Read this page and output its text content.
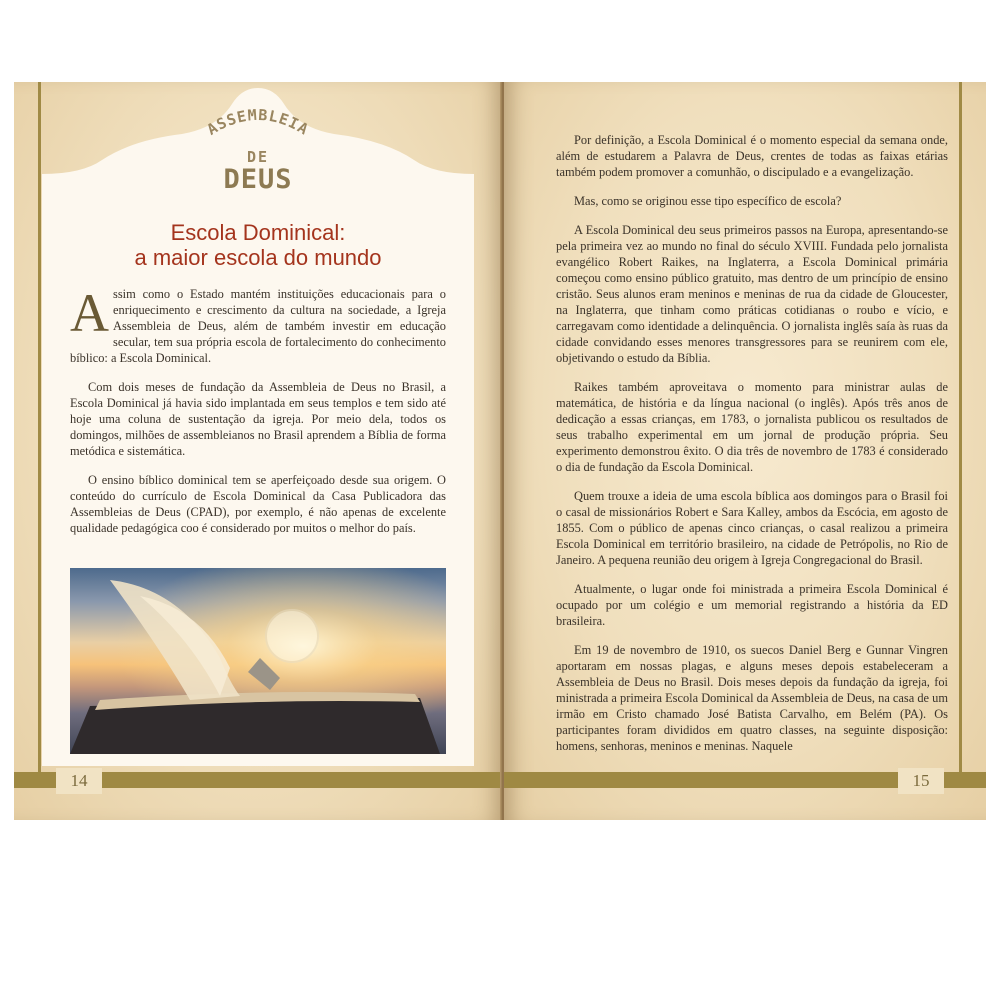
ASSEMBLEIA
DE
DEUS
Escola Dominical:
a maior escola do mundo

Assim como o Estado mantém instituições educacionais para o enriquecimento e crescimento da cultura na sociedade, a Igreja Assembleia de Deus, além de também investir em educação secular, tem sua própria escola de fortalecimento do conhecimento bíblico: a Escola Dominical.

Com dois meses de fundação da Assembleia de Deus no Brasil, a Escola Dominical já havia sido implantada em seus templos e tem sido até hoje uma coluna de sustentação da igreja. Por meio dela, todos os domingos, milhões de assembleianos no Brasil aprendem a Bíblia de forma metódica e sistemática.

O ensino bíblico dominical tem se aperfeiçoado desde sua origem. O conteúdo do currículo de Escola Dominical da Casa Publicadora das Assembleias de Deus (CPAD), por exemplo, é não apenas de excelente qualidade pedagógica coo é considerado por muitos o melhor do país.

14

Por definição, a Escola Dominical é o momento especial da semana onde, além de estudarem a Palavra de Deus, crentes de todas as faixas etárias também podem promover a comunhão, o discipulado e a evangelização.

Mas, como se originou esse tipo específico de escola?

A Escola Dominical deu seus primeiros passos na Europa, apresentando-se pela primeira vez ao mundo no final do século XVIII. Fundada pelo jornalista evangélico Robert Raikes, na Inglaterra, a Escola Dominical primária começou como ensino público gratuito, mas dentro de um princípio de ensino cristão. Seus alunos eram meninos e meninas de rua da cidade de Gloucester, na Inglaterra, que tinham como práticas cotidianas o roubo e vício, e carregavam como identidade a delinquência. O jornalista inglês saía às ruas da cidade convidando esses menores transgressores para se reunirem com ele, objetivando o estudo da Bíblia.

Raikes também aproveitava o momento para ministrar aulas de matemática, de história e da língua nacional (o inglês). Após três anos de dedicação a essas crianças, em 1783, o jornalista publicou os resultados de seus trabalho experimental em um jornal de produção própria. Seu experimento demonstrou êxito. O dia três de novembro de 1783 é considerado o dia de fundação da Escola Dominical.

Quem trouxe a ideia de uma escola bíblica aos domingos para o Brasil foi o casal de missionários Robert e Sara Kalley, ambos da Escócia, em agosto de 1855. Com o público de apenas cinco crianças, o casal realizou a primeira Escola Dominical em território brasileiro, na cidade de Petrópolis, no Rio de Janeiro. A pequena reunião deu origem à Igreja Congregacional do Brasil.

Atualmente, o lugar onde foi ministrada a primeira Escola Dominical é ocupado por um colégio e um memorial registrando a história da ED brasileira.

Em 19 de novembro de 1910, os suecos Daniel Berg e Gunnar Vingren aportaram em nossas plagas, e alguns meses depois estabeleceram a Assembleia de Deus no Brasil. Dois meses depois da fundação da igreja, foi ministrada a primeira Escola Dominical da Assembleia de Deus, na casa de um irmão em Cristo chamado José Batista Carvalho, em Belém (PA). Os participantes foram divididos em quatro classes, na seguinte disposição: homens, senhoras, meninos e meninas. Naquele

15
